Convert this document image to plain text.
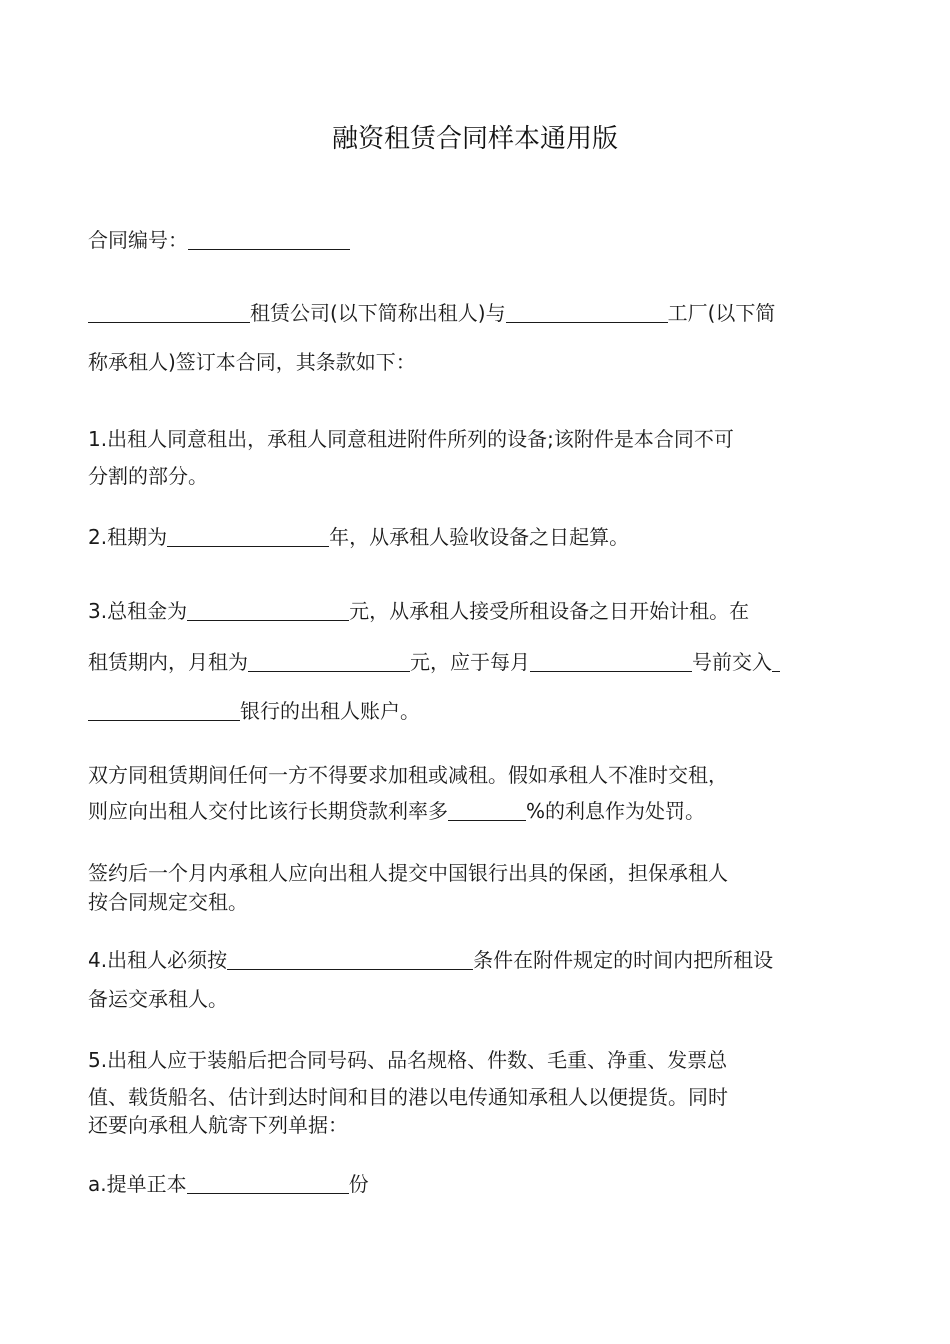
融资租赁合同样本通用版
合同编号：
租赁公司(以下简称出租人)与	工厂(以下简
称承租人)签订本合同，其条款如下：
1.出租人同意租出，承租人同意租进附件所列的设备;该附件是本合同不可
分割的部分。
2.租期为	年，从承租人验收设备之日起算。
3.总租金为	元，从承租人接受所租设备之日开始计租。在
租赁期内，月租为	元，应于每月	号前交入
银行的出租人账户。
双方同租赁期间任何一方不得要求加租或减租。假如承租人不准时交租，
则应向出租人交付比该行长期贷款利率多	%的利息作为处罚。
签约后一个月内承租人应向出租人提交中国银行出具的保函，担保承租人
按合同规定交租。
4.出租人必须按	条件在附件规定的时间内把所租设
备运交承租人。
5.出租人应于装船后把合同号码、品名规格、件数、毛重、净重、发票总
值、载货船名、估计到达时间和目的港以电传通知承租人以便提货。同时
还要向承租人航寄下列单据：
a.提单正本	份
